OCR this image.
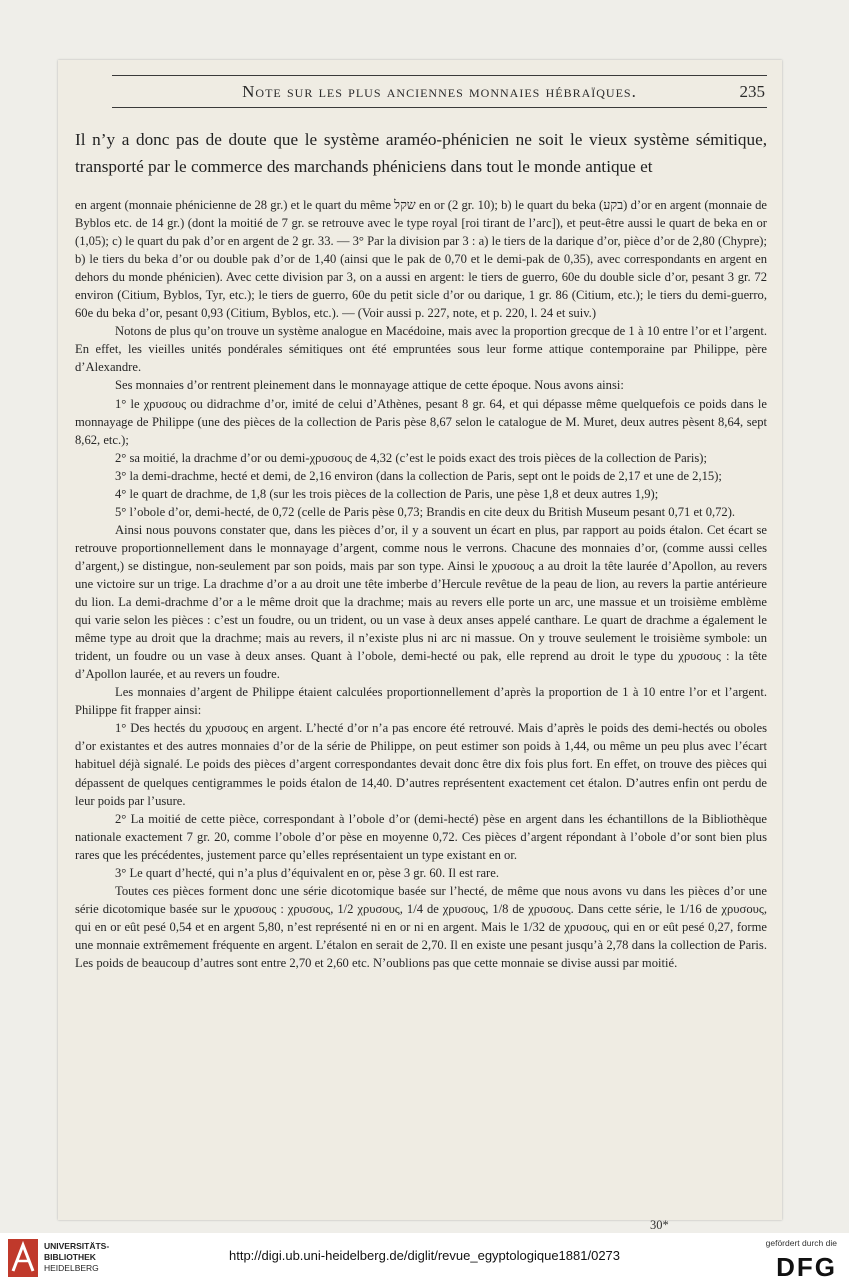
Note sur les plus anciennes monnaies hébraïques.	235

Il n’y a donc pas de doute que le système araméo-phénicien ne soit le vieux système sémitique, transporté par le commerce des marchands phéniciens dans tout le monde antique et

en argent (monnaie phénicienne de 28 gr.) et le quart du même שקל en or (2 gr. 10); b) le quart du beka (בקע) d’or en argent (monnaie de Byblos etc. de 14 gr.) (dont la moitié de 7 gr. se retrouve avec le type royal [roi tirant de l’arc]), et peut-être aussi le quart de beka en or (1,05); c) le quart du pak d’or en argent de 2 gr. 33. — 3° Par la division par 3 : a) le tiers de la darique d’or, pièce d’or de 2,80 (Chypre); b) le tiers du beka d’or ou double pak d’or de 1,40 (ainsi que le pak de 0,70 et le demi-pak de 0,35), avec correspondants en argent en dehors du monde phénicien). Avec cette division par 3, on a aussi en argent: le tiers de guerro, 60e du double sicle d’or, pesant 3 gr. 72 environ (Citium, Byblos, Tyr, etc.); le tiers de guerro, 60e du petit sicle d’or ou darique, 1 gr. 86 (Citium, etc.); le tiers du demi-guerro, 60e du beka d’or, pesant 0,93 (Citium, Byblos, etc.). — (Voir aussi p. 227, note, et p. 220, l. 24 et suiv.)

Notons de plus qu’on trouve un système analogue en Macédoine, mais avec la proportion grecque de 1 à 10 entre l’or et l’argent. En effet, les vieilles unités pondérales sémitiques ont été empruntées sous leur forme attique contemporaine par Philippe, père d’Alexandre.

Ses monnaies d’or rentrent pleinement dans le monnayage attique de cette époque. Nous avons ainsi:

1° le χρυσους ou didrachme d’or, imité de celui d’Athènes, pesant 8 gr. 64, et qui dépasse même quelquefois ce poids dans le monnayage de Philippe (une des pièces de la collection de Paris pèse 8,67 selon le catalogue de M. Muret, deux autres pèsent 8,64, sept 8,62, etc.);

2° sa moitié, la drachme d’or ou demi-χρυσους de 4,32 (c’est le poids exact des trois pièces de la collection de Paris);

3° la demi-drachme, hecté et demi, de 2,16 environ (dans la collection de Paris, sept ont le poids de 2,17 et une de 2,15);

4° le quart de drachme, de 1,8 (sur les trois pièces de la collection de Paris, une pèse 1,8 et deux autres 1,9);

5° l’obole d’or, demi-hecté, de 0,72 (celle de Paris pèse 0,73; Brandis en cite deux du British Museum pesant 0,71 et 0,72).

Ainsi nous pouvons constater que, dans les pièces d’or, il y a souvent un écart en plus, par rapport au poids étalon. Cet écart se retrouve proportionnellement dans le monnayage d’argent, comme nous le verrons. Chacune des monnaies d’or, (comme aussi celles d’argent,) se distingue, non-seulement par son poids, mais par son type. Ainsi le χρυσους a au droit la tête laurée d’Apollon, au revers une victoire sur un trige. La drachme d’or a au droit une tête imberbe d’Hercule revêtue de la peau de lion, au revers la partie antérieure du lion. La demi-drachme d’or a le même droit que la drachme; mais au revers elle porte un arc, une massue et un troisième emblème qui varie selon les pièces : c’est un foudre, ou un trident, ou un vase à deux anses appelé canthare. Le quart de drachme a également le même type au droit que la drachme; mais au revers, il n’existe plus ni arc ni massue. On y trouve seulement le troisième symbole: un trident, un foudre ou un vase à deux anses. Quant à l’obole, demi-hecté ou pak, elle reprend au droit le type du χρυσους : la tête d’Apollon laurée, et au revers un foudre.

Les monnaies d’argent de Philippe étaient calculées proportionnellement d’après la proportion de 1 à 10 entre l’or et l’argent. Philippe fit frapper ainsi:

1° Des hectés du χρυσους en argent. L’hecté d’or n’a pas encore été retrouvé. Mais d’après le poids des demi-hectés ou oboles d’or existantes et des autres monnaies d’or de la série de Philippe, on peut estimer son poids à 1,44, ou même un peu plus avec l’écart habituel déjà signalé. Le poids des pièces d’argent correspondantes devait donc être dix fois plus fort. En effet, on trouve des pièces qui dépassent de quelques centigrammes le poids étalon de 14,40. D’autres représentent exactement cet étalon. D’autres enfin ont perdu de leur poids par l’usure.

2° La moitié de cette pièce, correspondant à l’obole d’or (demi-hecté) pèse en argent dans les échantillons de la Bibliothèque nationale exactement 7 gr. 20, comme l’obole d’or pèse en moyenne 0,72. Ces pièces d’argent répondant à l’obole d’or sont bien plus rares que les précédentes, justement parce qu’elles représentaient un type existant en or.

3° Le quart d’hecté, qui n’a plus d’équivalent en or, pèse 3 gr. 60. Il est rare.

Toutes ces pièces forment donc une série dicotomique basée sur l’hecté, de même que nous avons vu dans les pièces d’or une série dicotomique basée sur le χρυσους : χρυσους, 1/2 χρυσους, 1/4 de χρυσους, 1/8 de χρυσους. Dans cette série, le 1/16 de χρυσους, qui en or eût pesé 0,54 et en argent 5,80, n’est représenté ni en or ni en argent. Mais le 1/32 de χρυσους, qui en or eût pesé 0,27, forme une monnaie extrêmement fréquente en argent. L’étalon en serait de 2,70. Il en existe une pesant jusqu’à 2,78 dans la collection de Paris. Les poids de beaucoup d’autres sont entre 2,70 et 2,60 etc. N’oublions pas que cette monnaie se divise aussi par moitié.

30*
UNIVERSITÄTS-
BIBLIOTHEK
HEIDELBERG
http://digi.ub.uni-heidelberg.de/diglit/revue_egyptologique1881/0273
gefördert durch die
DFG
